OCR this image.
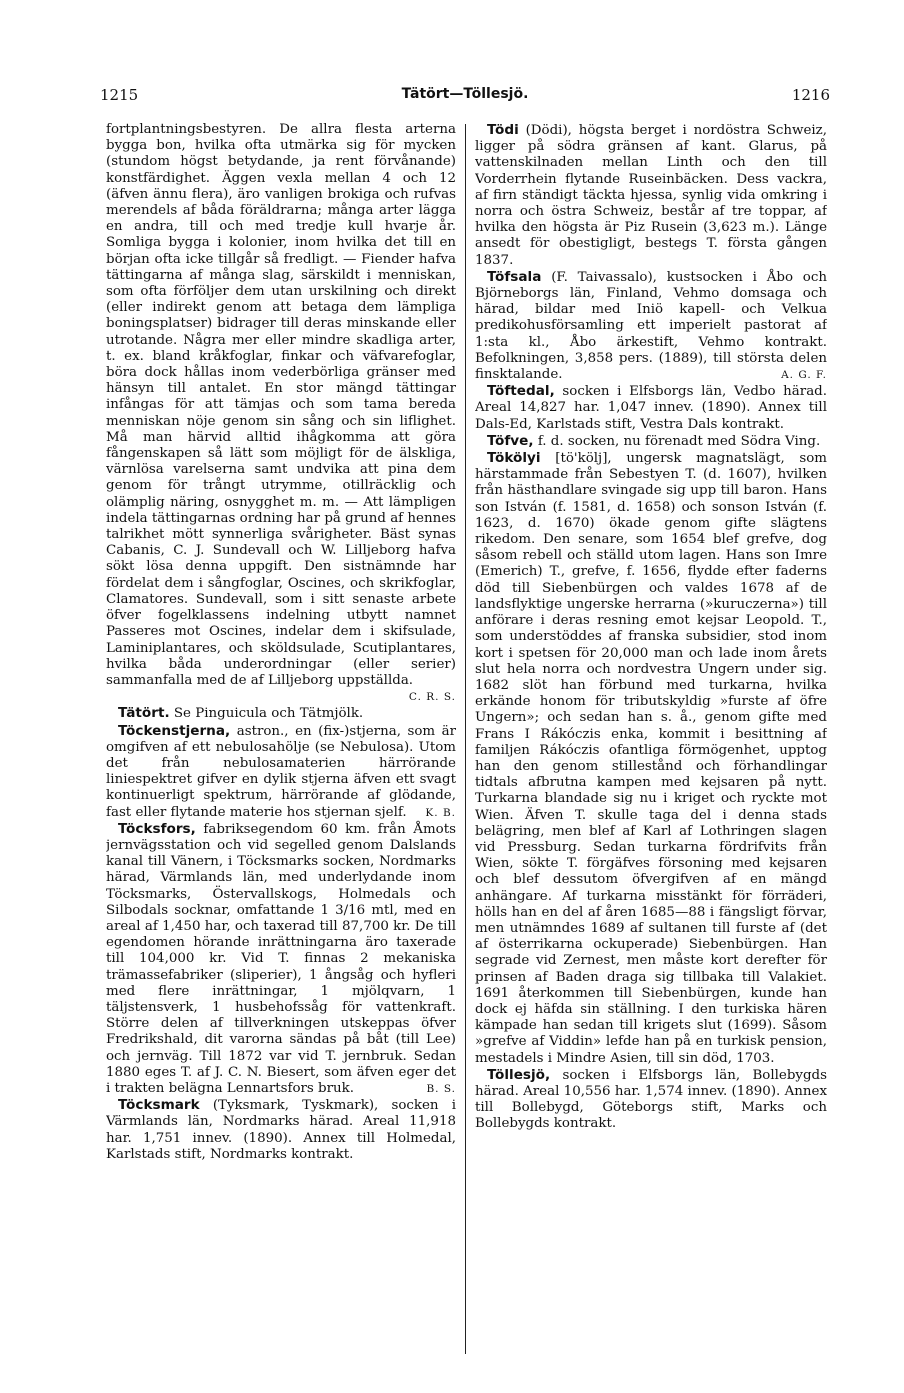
1215	Tätört—Töllesjö.	1216

fortplantningsbestyren. De allra flesta arterna bygga bon, hvilka ofta utmärka sig för mycken (stundom högst betydande, ja rent förvånande) konstfärdighet. Äggen vexla mellan 4 och 12 (äfven ännu flera), äro vanligen brokiga och rufvas merendels af båda föräldrarna; många arter lägga en andra, till och med tredje kull hvarje år. Somliga bygga i kolonier, inom hvilka det till en början ofta icke tillgår så fredligt. — Fiender hafva tättingarna af många slag, särskildt i menniskan, som ofta förföljer dem utan urskilning och direkt (eller indirekt genom att betaga dem lämpliga boningsplatser) bidrager till deras minskande eller utrotande. Några mer eller mindre skadliga arter, t. ex. bland kråkfoglar, finkar och väfvarefoglar, böra dock hållas inom vederbörliga gränser med hänsyn till antalet. En stor mängd tättingar infångas för att tämjas och som tama bereda menniskan nöje genom sin sång och sin liflighet. Må man härvid alltid ihågkomma att göra fångenskapen så lätt som möjligt för de älskliga, värnlösa varelserna samt undvika att pina dem genom för trångt utrymme, otillräcklig och olämplig näring, osnygghet m. m. — Att lämpligen indela tättingarnas ordning har på grund af hennes talrikhet mött synnerliga svårigheter. Bäst synas Cabanis, C. J. Sundevall och W. Lilljeborg hafva sökt lösa denna uppgift. Den sistnämnde har fördelat dem i sångfoglar, Oscines, och skrikfoglar, Clamatores. Sundevall, som i sitt senaste arbete öfver fogelklassens indelning utbytt namnet Passeres mot Oscines, indelar dem i skifsulade, Laminiplantares, och sköldsulade, Scutiplantares, hvilka båda underordningar (eller serier) sammanfalla med de af Lilljeborg uppställda.
C. R. S.

Tätört. Se Pinguicula och Tätmjölk.

Töckenstjerna, astron., en (fix-)stjerna, som är omgifven af ett nebulosahölje (se Nebulosa). Utom det från nebulosamaterien härrörande liniespektret gifver en dylik stjerna äfven ett svagt kontinuerligt spektrum, härrörande af glödande, fast eller flytande materie hos stjernan sjelf.	K. B.

Töcksfors, fabriksegendom 60 km. från Åmots jernvägsstation och vid segelled genom Dalslands kanal till Vänern, i Töcksmarks socken, Nordmarks härad, Värmlands län, med underlydande inom Töcksmarks, Östervallskogs, Holmedals och Silbodals socknar, omfattande 1 3/16 mtl, med en areal af 1,450 har, och taxerad till 87,700 kr. De till egendomen hörande inrättningarna äro taxerade till 104,000 kr. Vid T. finnas 2 mekaniska trämassefabriker (sliperier), 1 ångsåg och hyfleri med flere inrättningar, 1 mjölqvarn, 1 täljstensverk, 1 husbehofssåg för vattenkraft. Större delen af tillverkningen utskeppas öfver Fredrikshald, dit varorna sändas på båt (till Lee) och jernväg. Till 1872 var vid T. jernbruk. Sedan 1880 eges T. af J. C. N. Biesert, som äfven eger det i trakten belägna Lennartsfors bruk.	B. S.

Töcksmark (Tyksmark, Tyskmark), socken i Värmlands län, Nordmarks härad. Areal 11,918 har. 1,751 innev. (1890). Annex till Holmedal, Karlstads stift, Nordmarks kontrakt.

Tödi (Dödi), högsta berget i nordöstra Schweiz, ligger på södra gränsen af kant. Glarus, på vattenskilnaden mellan Linth och den till Vorderrhein flytande Ruseinbäcken. Dess vackra, af firn ständigt täckta hjessa, synlig vida omkring i norra och östra Schweiz, består af tre toppar, af hvilka den högsta är Piz Rusein (3,623 m.). Länge ansedt för obestigligt, bestegs T. första gången 1837.

Töfsala (F. Taivassalo), kustsocken i Åbo och Björneborgs län, Finland, Vehmo domsaga och härad, bildar med Iniö kapell- och Velkua predikohusförsamling ett imperielt pastorat af 1:sta kl., Åbo ärkestift, Vehmo kontrakt. Befolkningen, 3,858 pers. (1889), till största delen finsktalande.	A. G. F.

Töftedal, socken i Elfsborgs län, Vedbo härad. Areal 14,827 har. 1,047 innev. (1890). Annex till Dals-Ed, Karlstads stift, Vestra Dals kontrakt.

Töfve, f. d. socken, nu förenadt med Södra Ving.

Tökölyi [tö'kölj], ungersk magnatslägt, som härstammade från Sebestyen T. (d. 1607), hvilken från hästhandlare svingade sig upp till baron. Hans son István (f. 1581, d. 1658) och sonson István (f. 1623, d. 1670) ökade genom gifte slägtens rikedom. Den senare, som 1654 blef grefve, dog såsom rebell och ställd utom lagen. Hans son Imre (Emerich) T., grefve, f. 1656, flydde efter faderns död till Siebenbürgen och valdes 1678 af de landsflyktige ungerske herrarna (»kuruczerna») till anförare i deras resning emot kejsar Leopold. T., som understöddes af franska subsidier, stod inom kort i spetsen för 20,000 man och lade inom årets slut hela norra och nordvestra Ungern under sig. 1682 slöt han förbund med turkarna, hvilka erkände honom för tributskyldig »furste af öfre Ungern»; och sedan han s. å., genom gifte med Frans I Rákóczis enka, kommit i besittning af familjen Rákóczis ofantliga förmögenhet, upptog han den genom stillestånd och förhandlingar tidtals afbrutna kampen med kejsaren på nytt. Turkarna blandade sig nu i kriget och ryckte mot Wien. Äfven T. skulle taga del i denna stads belägring, men blef af Karl af Lothringen slagen vid Pressburg. Sedan turkarna fördrifvits från Wien, sökte T. förgäfves försoning med kejsaren och blef dessutom öfvergifven af en mängd anhängare. Af turkarna misstänkt för förräderi, hölls han en del af åren 1685—88 i fängsligt förvar, men utnämndes 1689 af sultanen till furste af (det af österrikarna ockuperade) Siebenbürgen. Han segrade vid Zernest, men måste kort derefter för prinsen af Baden draga sig tillbaka till Valakiet. 1691 återkommen till Siebenbürgen, kunde han dock ej häfda sin ställning. I den turkiska hären kämpade han sedan till krigets slut (1699). Såsom »grefve af Viddin» lefde han på en turkisk pension, mestadels i Mindre Asien, till sin död, 1703.

Töllesjö, socken i Elfsborgs län, Bollebygds härad. Areal 10,556 har. 1,574 innev. (1890). Annex till Bollebygd, Göteborgs stift, Marks och Bollebygds kontrakt.
